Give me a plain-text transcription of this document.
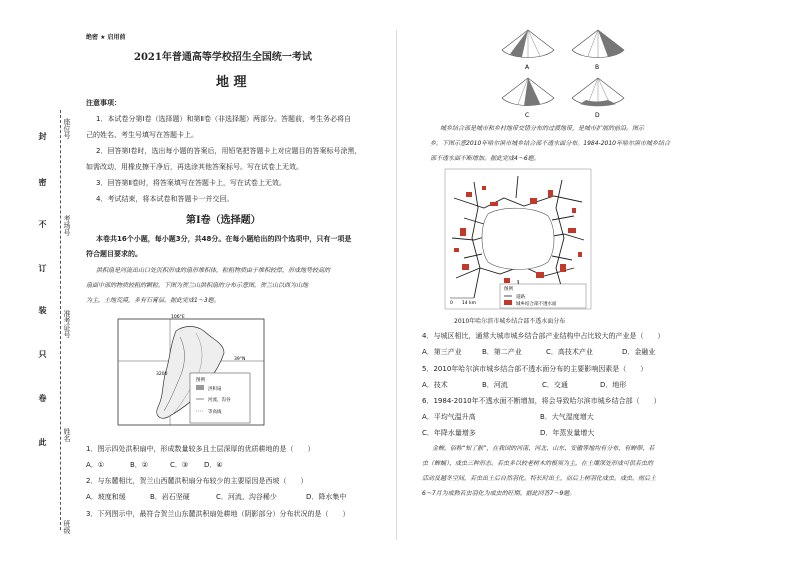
座位号
考场号
准考证号
姓名
班级
封
密
不
订
装
只
卷
此
绝密 ★ 启用前
2021年普通高等学校招生全国统一考试
地 理
注意事项：
1．本试卷分第Ⅰ卷（选择题）和第Ⅱ卷（非选择题）两部分。答题前，考生务必将自
己的姓名、考生号填写在答题卡上。
2．回答第Ⅰ卷时，选出每小题的答案后，用铅笔把答题卡上对应题目的答案标号涂黑，
如需改动，用橡皮擦干净后，再选涂其他答案标号。写在试卷上无效。
3．回答第Ⅱ卷时，将答案填写在答题卡上，写在试卷上无效。
4．考试结束，将本试卷和答题卡一并交回。
第Ⅰ卷（选择题）
本卷共16个小题，每小题3分，共48分。在每小题给出的四个选项中，只有一项是
符合题目要求的。
洪积扇是河流出山口处沉积形成的扇形堆积体，粒粗物质由于堆积较厚，形成地势较高的
扇面中部的物质较粗的颗粒。下图为贺兰山洪积扇的分布示意图。贺兰山以西为山地
为主，土地荒漠，多有石膏层。据此完成1～3题。
106°E
39°N
3200
图例
洪积扇
河流、沟谷
等高线
1．图示四处洪积扇中，形成数量较多且土层深厚的优质耕地的是（　　）
A．①	B．②	C．③ D．④
2．与东麓相比，贺兰山西麓洪积扇分布较少的主要原因是西坡（　　）
A．坡度和缓	B．岩石坚硬	C．河流、沟谷稀少	D．降水集中
3．下列图示中，最符合贺兰山东麓洪积扇处耕地（阴影部分）分布状况的是（　　）
A	B
C	D
城乡结合部是城市和乡村地带交错分布的过渡地带，是城市扩展的前沿。图示
乡。下图示意2010年哈尔滨市城乡结合部不透水面分布。1984-2010年哈尔滨市城乡结合
部不透水面不断增加。据此完成4～6题。
0　　14 km
图例
道路
城乡结合部不透水面
2010年哈尔滨市城乡结合部不透水面分布
4．与城区相比，通常大城市城乡结合部产业结构中占比较大的产业是（　　）
A．第三产业	B．第二产业	C．高技术产业	D．金融业
5．2010年哈尔滨市城乡结合部不透水面分布的主要影响因素是（　　）
A．技术	B．河流	C．交通	D．地形
6．1984-2010年不透水面不断增加，将会导致哈尔滨市城乡结合部（　　）
A．平均气温升高	B．大气湿度增大
C．年降水量增多	D．年蒸发量增大
金蝉，俗称“知了猴”，在我国的河南、河北、山东、安徽等地均有分布，有蝉卵、若
虫（蝉蛹）、成虫三种形态。若虫多以较老树木的根须为主，在土壤深处形成可供若虫的
活动及越冬空间，若虫出土后自然羽化。特长时出土，而后上树羽化成虫。成虫。雨后土
6～7月为成熟若虫羽化为成虫的旺期。据此回答7～9题。
